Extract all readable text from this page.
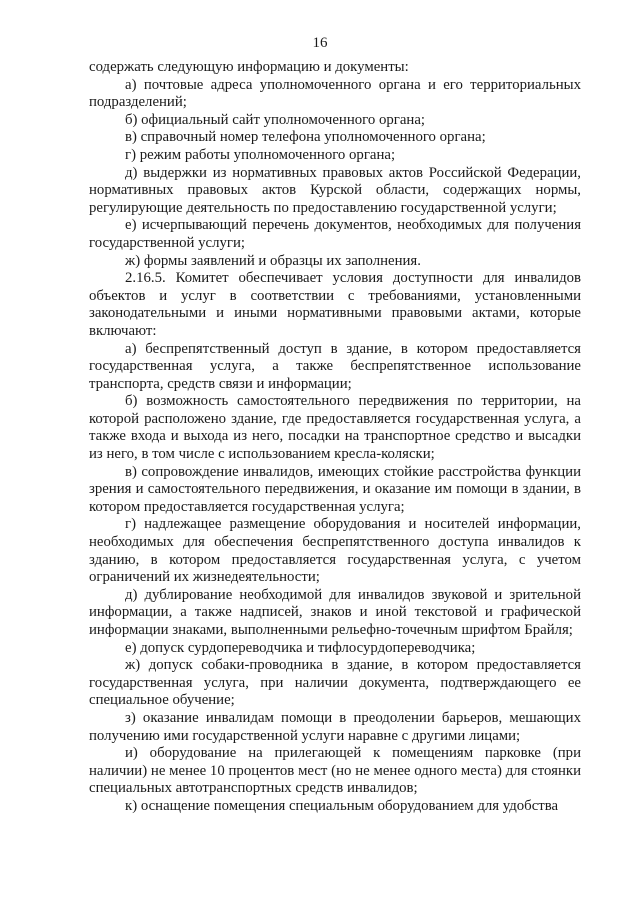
16

содержать следующую информацию и документы:

а) почтовые адреса уполномоченного органа и его территориальных подразделений;

б) официальный сайт уполномоченного органа;

в) справочный номер телефона уполномоченного органа;

г) режим работы уполномоченного органа;

д) выдержки из нормативных правовых актов Российской Федерации, нормативных правовых актов Курской области, содержащих нормы, регулирующие деятельность по предоставлению государственной услуги;

е) исчерпывающий перечень документов, необходимых для получения государственной услуги;

ж) формы заявлений и образцы их заполнения.

2.16.5. Комитет обеспечивает условия доступности для инвалидов объектов и услуг в соответствии с требованиями, установленными законодательными и иными нормативными правовыми актами, которые включают:

а) беспрепятственный доступ в здание, в котором предоставляется государственная услуга, а также беспрепятственное использование транспорта, средств связи и информации;

б) возможность самостоятельного передвижения по территории, на которой расположено здание, где предоставляется государственная услуга, а также входа и выхода из него, посадки на транспортное средство и высадки из него, в том числе с использованием кресла-коляски;

в) сопровождение инвалидов, имеющих стойкие расстройства функции зрения и самостоятельного передвижения, и оказание им помощи в здании, в котором предоставляется государственная услуга;

г) надлежащее размещение оборудования и носителей информации, необходимых для обеспечения беспрепятственного доступа инвалидов к зданию, в котором предоставляется государственная услуга, с учетом ограничений их жизнедеятельности;

д) дублирование необходимой для инвалидов звуковой и зрительной информации, а также надписей, знаков и иной текстовой и графической информации знаками, выполненными рельефно-точечным шрифтом Брайля;

е) допуск сурдопереводчика и тифлосурдопереводчика;

ж) допуск собаки-проводника в здание, в котором предоставляется государственная услуга, при наличии документа, подтверждающего ее специальное обучение;

з) оказание инвалидам помощи в преодолении барьеров, мешающих получению ими государственной услуги наравне с другими лицами;

и) оборудование на прилегающей к помещениям парковке (при наличии) не менее 10 процентов мест (но не менее одного места) для стоянки специальных автотранспортных средств инвалидов;

к) оснащение помещения специальным оборудованием для удобства
